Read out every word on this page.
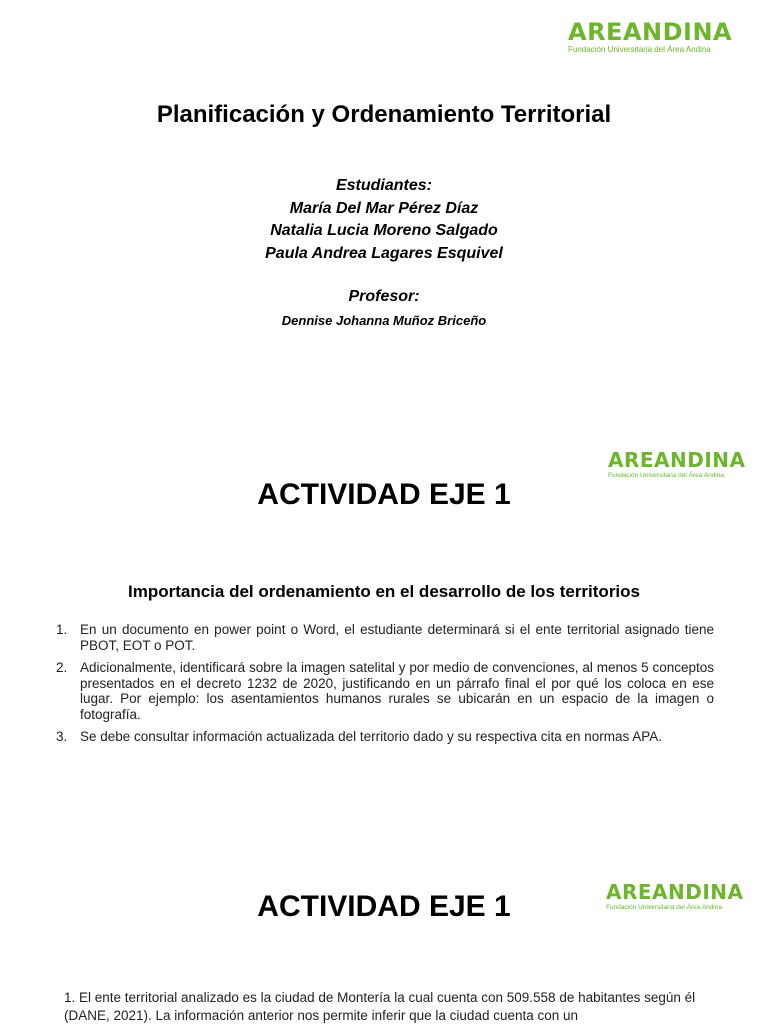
AREANDINA
Fundación Universitaria del Área Andina
Planificación y Ordenamiento Territorial
Estudiantes:
María Del Mar Pérez Díaz
Natalia Lucia Moreno Salgado
Paula Andrea Lagares Esquivel
Profesor:
Dennise Johanna Muñoz Briceño
AREANDINA
Fundación Universitaria del Área Andina
ACTIVIDAD EJE 1
Importancia del ordenamiento en el desarrollo de los territorios
1. En un documento en power point o Word, el estudiante determinará si el ente territorial asignado tiene PBOT, EOT o POT.
2. Adicionalmente, identificará sobre la imagen satelital y por medio de convenciones, al menos 5 conceptos presentados en el decreto 1232 de 2020, justificando en un párrafo final el por qué los coloca en ese lugar. Por ejemplo: los asentamientos humanos rurales se ubicarán en un espacio de la imagen o fotografía.
3. Se debe consultar información actualizada del territorio dado y su respectiva cita en normas APA.
AREANDINA
Fundación Universitaria del Área Andina
ACTIVIDAD EJE 1
1. El ente territorial analizado es la ciudad de Montería la cual cuenta con 509.558 de habitantes según él (DANE, 2021). La información anterior nos permite inferir que la ciudad cuenta con un
